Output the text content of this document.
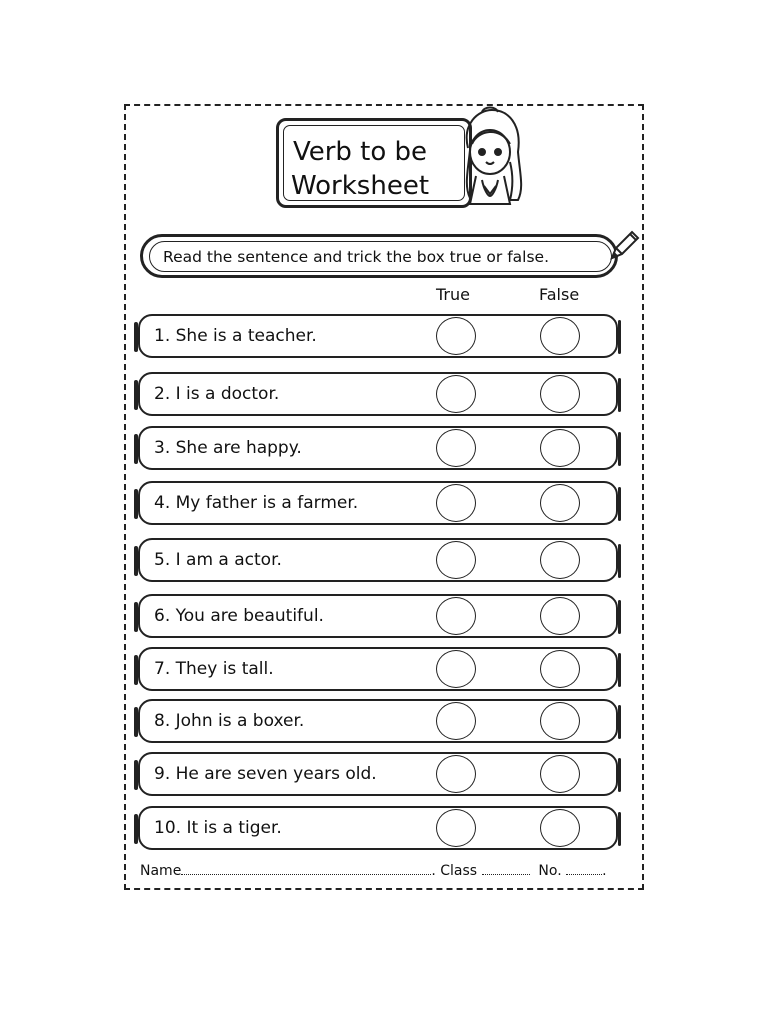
Verb to be
Worksheet
Read the sentence and trick the box true or false.
True	False
1. She is a teacher.
2. I is a doctor.
3. She are happy.
4. My father is a farmer.
5. I am a actor.
6. You are beautiful.
7. They is tall.
8. John is a boxer.
9. He are seven years old.
10. It is a tiger.
Name	. Class	No.	.
